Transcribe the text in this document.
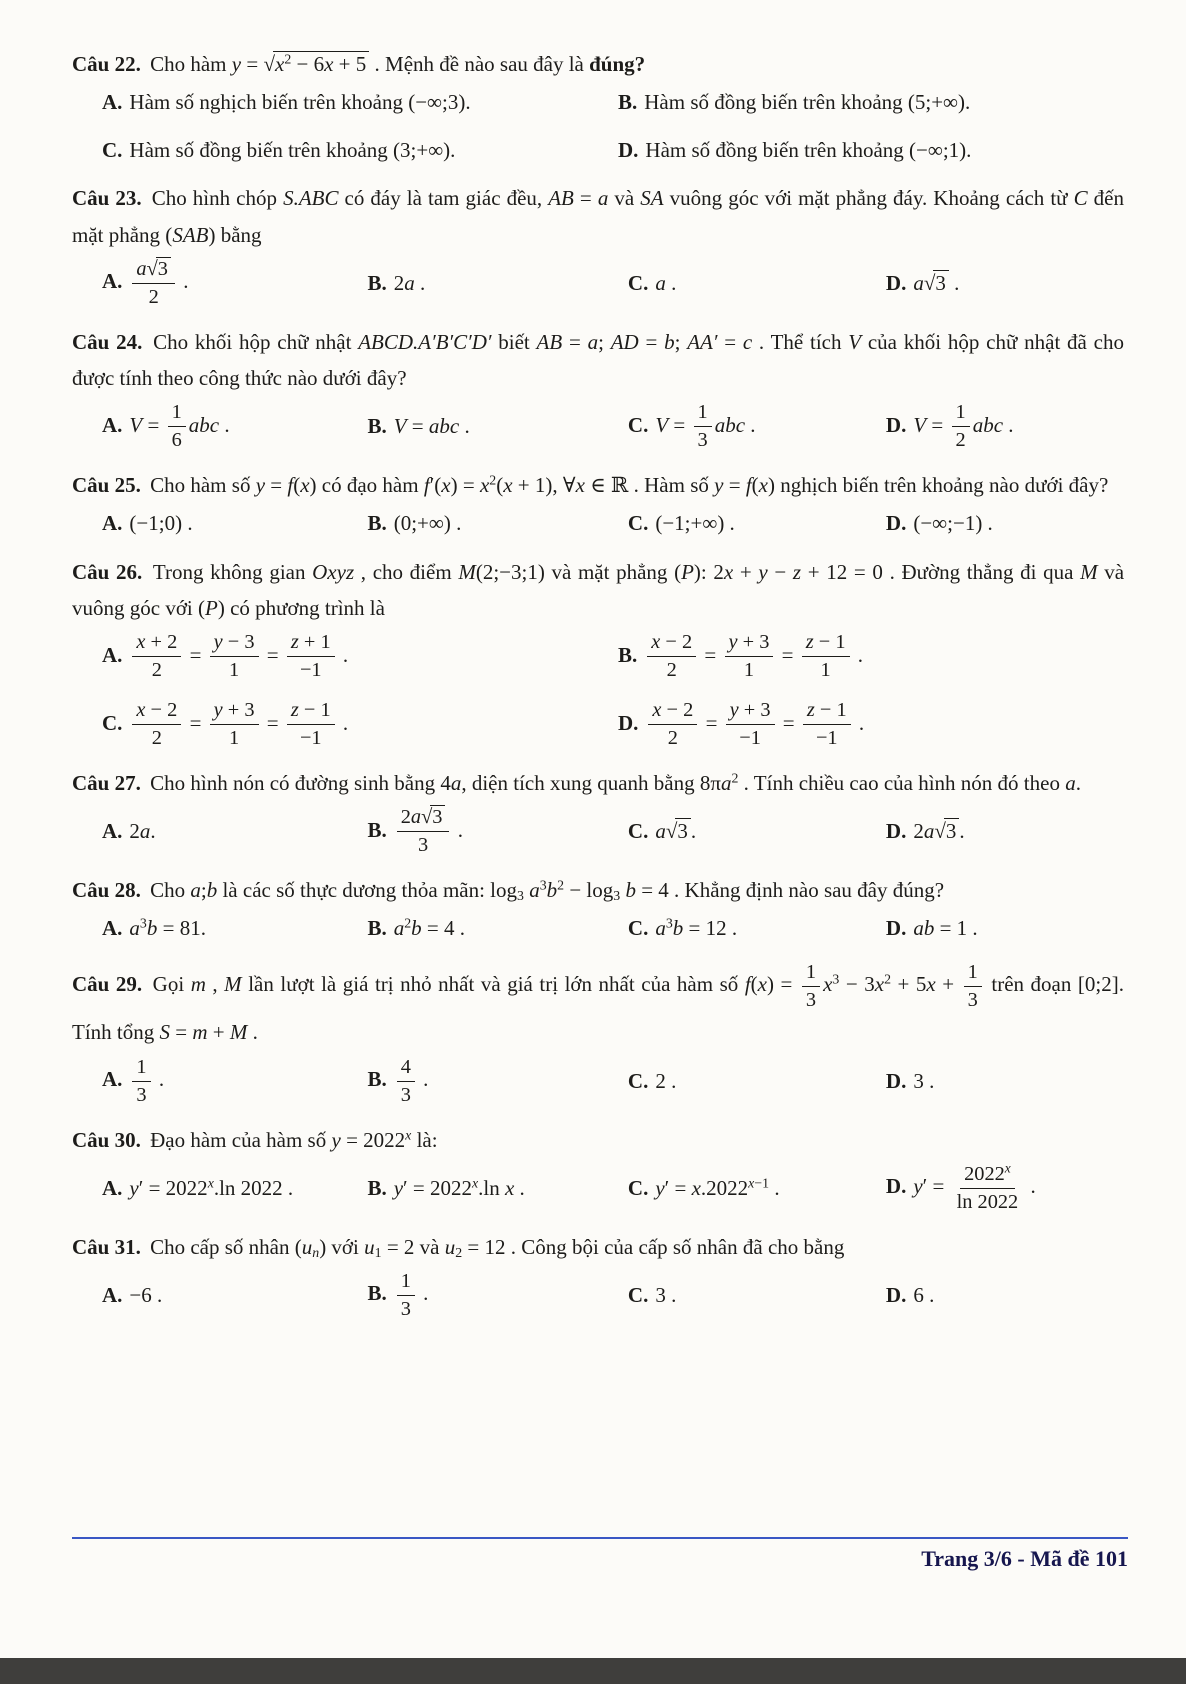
Câu 22. Cho hàm $y = √x^2 - 6x + 5$ . Mệnh đề nào sau đây là đúng?

A. Hàm số nghịch biến trên khoảng (−∞;3).	B. Hàm số đồng biến trên khoảng (5;+∞).
C. Hàm số đồng biến trên khoảng (3;+∞).	D. Hàm số đồng biến trên khoảng (−∞;1).

Câu 23. Cho hình chóp S.ABC có đáy là tam giác đều, AB = a và SA vuông góc với mặt phẳng đáy. Khoảng cách từ C đến mặt phẳng (SAB) bằng

A. $\frac{a√3}{2}$ .	B. 2a .	C. a .	D. a√3 .

Câu 24. Cho khối hộp chữ nhật ABCD.A′B′C′D′ biết AB = a; AD = b; AA′ = c . Thể tích V của khối hộp chữ nhật đã cho được tính theo công thức nào dưới đây?

A. $V = \frac{1}{6}$ abc .	B. V = abc .	C. $V = \frac{1}{3}$ abc .	D. $V = \frac{1}{2}$ abc .

Câu 25. Cho hàm số y = f(x) có đạo hàm $f'(x) = x^2(x + 1)$, ∀x ∈ ℝ . Hàm số y = f(x) nghịch biến trên khoảng nào dưới đây?

A. (−1;0) .	B. (0;+∞) .	C. (−1;+∞) .	D. (−∞;−1) .

Câu 26. Trong không gian Oxyz , cho điểm M(2;−3;1) và mặt phẳng (P): 2x + y − z + 12 = 0 . Đường thẳng đi qua M và vuông góc với (P) có phương trình là

A. $\frac{x + 2}{2} = \frac{y - 3}{1} = \frac{z + 1}{-1}$ .	B. $\frac{x - 2}{2} = \frac{y + 3}{1} = \frac{z - 1}{1}$ .
C. $\frac{x - 2}{2} = \frac{y + 3}{1} = \frac{z - 1}{-1}$ .	D. $\frac{x - 2}{2} = \frac{y + 3}{-1} = \frac{z - 1}{-1}$ .

Câu 27. Cho hình nón có đường sinh bằng 4a, diện tích xung quanh bằng $8\pi a^2$ . Tính chiều cao của hình nón đó theo a.

A. 2a.	B. $\frac{2a√3}{3}$ .	C. a√3 .	D. 2a√3 .

Câu 28. Cho a;b là các số thực dương thỏa mãn: $\log_3 a^3b^2 - \log_3 b = 4$ . Khẳng định nào sau đây đúng?

A. $a^3b = 81$.	B. $a^2b = 4$ .	C. $a^3b = 12$ .	D. ab = 1 .

Câu 29. Gọi m , M lần lượt là giá trị nhỏ nhất và giá trị lớn nhất của hàm số $f(x) = \frac{1}{3} x^3 - 3x^2 + 5x + \frac{1}{3}$ trên đoạn [0;2]. Tính tổng S = m + M .

A. $\frac{1}{3}$ .	B. $\frac{4}{3}$ .	C. 2 .	D. 3 .

Câu 30. Đạo hàm của hàm số $y = 2022^x$ là:

A. $y' = 2022^x.\ln$ 2022 .	B. $y' = 2022^x.\ln$ x .	C. $y' = x.2022^{x-1}$ .	D. $y' = \frac{2022^x}{\ln 2022}$ .

Câu 31. Cho cấp số nhân $(u_n)$ với $u_1 = 2$ và $u_2 = 12$ . Công bội của cấp số nhân đã cho bằng

A. −6 .	B. $\frac{1}{3}$ .	C. 3 .	D. 6 .
Trang 3/6 - Mã đề 101
